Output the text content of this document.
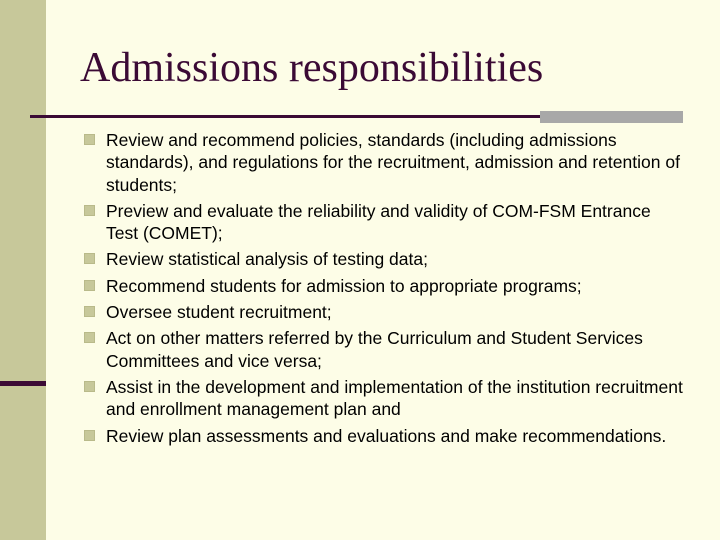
Admissions responsibilities
Review and recommend policies, standards (including admissions standards), and regulations for the recruitment, admission and retention of students;
Preview and evaluate the reliability and validity of COM-FSM Entrance Test (COMET);
Review statistical analysis of testing data;
Recommend students for admission to appropriate programs;
Oversee student recruitment;
Act on other matters referred by the Curriculum and Student Services Committees and vice versa;
Assist in the development and implementation of the institution recruitment and enrollment management plan and
Review plan assessments and evaluations and make recommendations.
